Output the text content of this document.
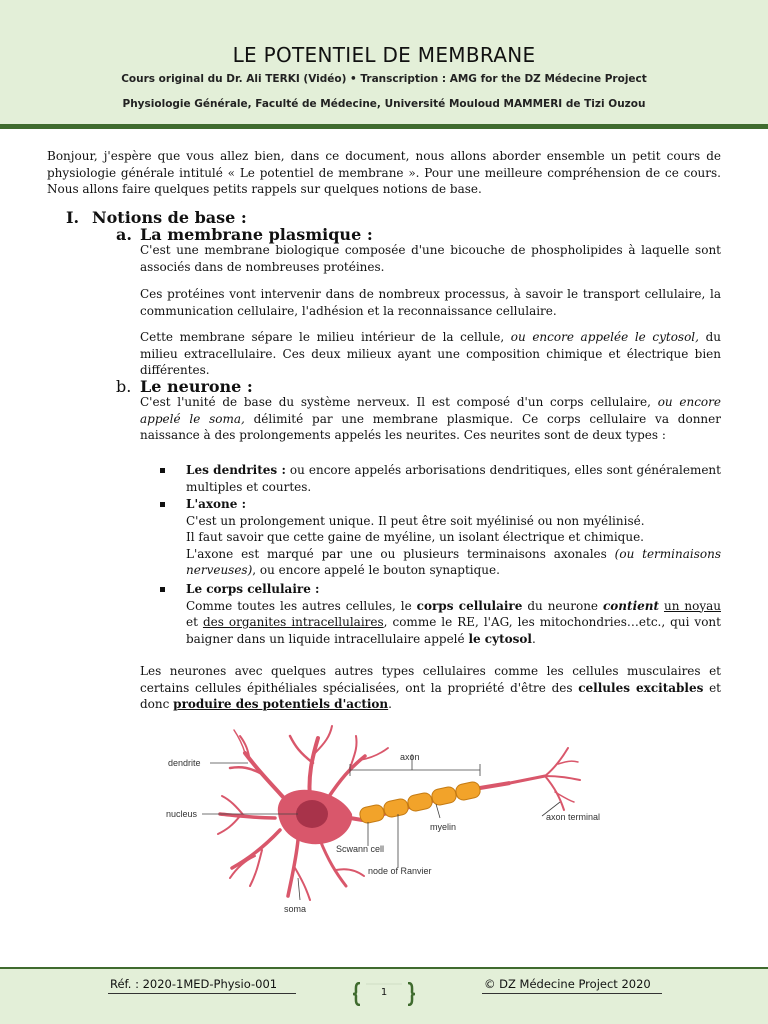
LE POTENTIEL DE MEMBRANE
Cours original du Dr. Ali TERKI (Vidéo) • Transcription : AMG for the DZ Médecine Project
Physiologie Générale, Faculté de Médecine, Université Mouloud MAMMERI de Tizi Ouzou

Bonjour, j'espère que vous allez bien, dans ce document, nous allons aborder ensemble un petit cours de physiologie générale intitulé « Le potentiel de membrane ». Pour une meilleure compréhension de ce cours. Nous allons faire quelques petits rappels sur quelques notions de base.

I. Notions de base :
a. La membrane plasmique :

C'est une membrane biologique composée d'une bicouche de phospholipides à laquelle sont associés dans de nombreuses protéines.

Ces protéines vont intervenir dans de nombreux processus, à savoir le transport cellulaire, la communication cellulaire, l'adhésion et la reconnaissance cellulaire.

Cette membrane sépare le milieu intérieur de la cellule, ou encore appelée le cytosol, du milieu extracellulaire. Ces deux milieux ayant une composition chimique et électrique bien différentes.

b. Le neurone :

C'est l'unité de base du système nerveux. Il est composé d'un corps cellulaire, ou encore appelé le soma, délimité par une membrane plasmique. Ce corps cellulaire va donner naissance à des prolongements appelés les neurites. Ces neurites sont de deux types :

Les dendrites : ou encore appelés arborisations dendritiques, elles sont généralement multiples et courtes.
L'axone :
C'est un prolongement unique. Il peut être soit myélinisé ou non myélinisé.
Il faut savoir que cette gaine de myéline, un isolant électrique et chimique.
L'axone est marqué par une ou plusieurs terminaisons axonales (ou terminaisons nerveuses), ou encore appelé le bouton synaptique.
Le corps cellulaire :
Comme toutes les autres cellules, le corps cellulaire du neurone contient un noyau et des organites intracellulaires, comme le RE, l'AG, les mitochondries…etc., qui vont baigner dans un liquide intracellulaire appelé le cytosol.

Les neurones avec quelques autres types cellulaires comme les cellules musculaires et certains cellules épithéliales spécialisées, ont la propriété d'être des cellules excitables et donc produire des potentiels d'action.

dendrite
nucleus
axon
axon terminal
myelin
Scwann cell
node of Ranvier
soma
Réf. : 2020-1MED-Physio-001	© DZ Médecine Project 2020
1
